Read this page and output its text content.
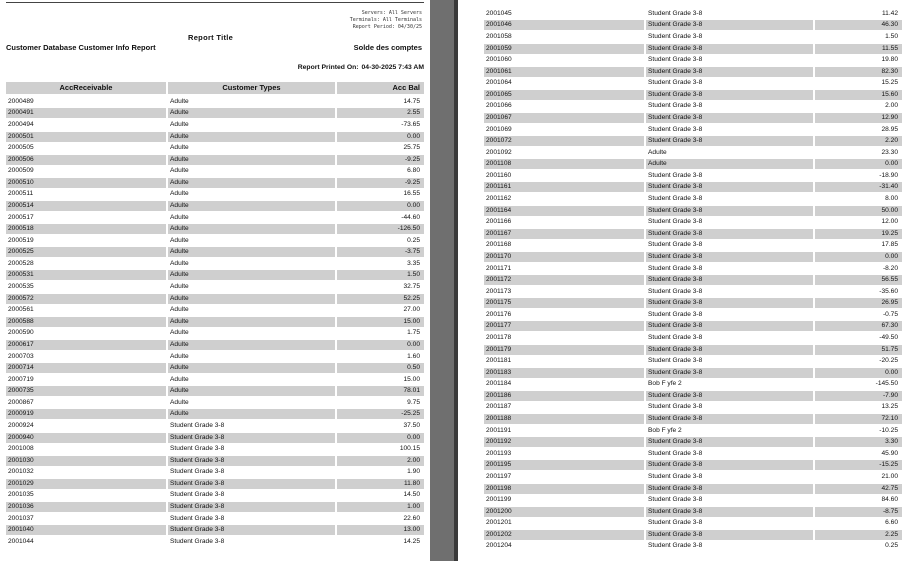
Servers: All Servers
Terminals: All Terminals
Report Period: 04/30/25
Report Title
Customer Database Customer Info Report	Solde des comptes
Report Printed On: 04-30-2025 7:43 AM
AccReceivable	Customer Types	Acc Bal
2000489	Adulte	14.75
2000491	Adulte	2.55
2000494	Adulte	-73.65
2000501	Adulte	0.00
2000505	Adulte	25.75
2000506	Adulte	-9.25
2000509	Adulte	6.80
2000510	Adulte	-9.25
2000511	Adulte	16.55
2000514	Adulte	0.00
2000517	Adulte	-44.60
2000518	Adulte	-126.50
2000519	Adulte	0.25
2000525	Adulte	-3.75
2000528	Adulte	3.35
2000531	Adulte	1.50
2000535	Adulte	32.75
2000572	Adulte	52.25
2000561	Adulte	27.00
2000588	Adulte	15.00
2000590	Adulte	1.75
2000617	Adulte	0.00
2000703	Adulte	1.60
2000714	Adulte	0.50
2000719	Adulte	15.00
2000735	Adulte	78.01
2000867	Adulte	9.75
2000919	Adulte	-25.25
2000924	Student Grade 3-8	37.50
2000940	Student Grade 3-8	0.00
2001008	Student Grade 3-8	100.15
2001030	Student Grade 3-8	2.00
2001032	Student Grade 3-8	1.90
2001029	Student Grade 3-8	11.80
2001035	Student Grade 3-8	14.50
2001036	Student Grade 3-8	1.00
2001037	Student Grade 3-8	22.60
2001040	Student Grade 3-8	13.00
2001044	Student Grade 3-8	14.25
2001045	Student Grade 3-8	11.42
2001046	Student Grade 3-8	46.30
2001058	Student Grade 3-8	1.50
2001059	Student Grade 3-8	11.55
2001060	Student Grade 3-8	19.80
2001061	Student Grade 3-8	82.30
2001064	Student Grade 3-8	15.25
2001065	Student Grade 3-8	15.60
2001066	Student Grade 3-8	2.00
2001067	Student Grade 3-8	12.90
2001069	Student Grade 3-8	28.95
2001072	Student Grade 3-8	2.20
2001092	Adulte	23.30
2001108	Adulte	0.00
2001160	Student Grade 3-8	-18.90
2001161	Student Grade 3-8	-31.40
2001162	Student Grade 3-8	8.00
2001164	Student Grade 3-8	50.00
2001166	Student Grade 3-8	12.00
2001167	Student Grade 3-8	19.25
2001168	Student Grade 3-8	17.85
2001170	Student Grade 3-8	0.00
2001171	Student Grade 3-8	-8.20
2001172	Student Grade 3-8	56.55
2001173	Student Grade 3-8	-35.60
2001175	Student Grade 3-8	26.95
2001176	Student Grade 3-8	-0.75
2001177	Student Grade 3-8	67.30
2001178	Student Grade 3-8	-49.50
2001179	Student Grade 3-8	51.75
2001181	Student Grade 3-8	-20.25
2001183	Student Grade 3-8	0.00
2001184	Bob F yfe 2	-145.50
2001186	Student Grade 3-8	-7.90
2001187	Student Grade 3-8	13.25
2001188	Student Grade 3-8	72.10
2001191	Bob F yfe 2	-10.25
2001192	Student Grade 3-8	3.30
2001193	Student Grade 3-8	45.90
2001195	Student Grade 3-8	-15.25
2001197	Student Grade 3-8	21.00
2001198	Student Grade 3-8	42.75
2001199	Student Grade 3-8	84.60
2001200	Student Grade 3-8	-8.75
2001201	Student Grade 3-8	6.60
2001202	Student Grade 3-8	2.25
2001204	Student Grade 3-8	0.25
